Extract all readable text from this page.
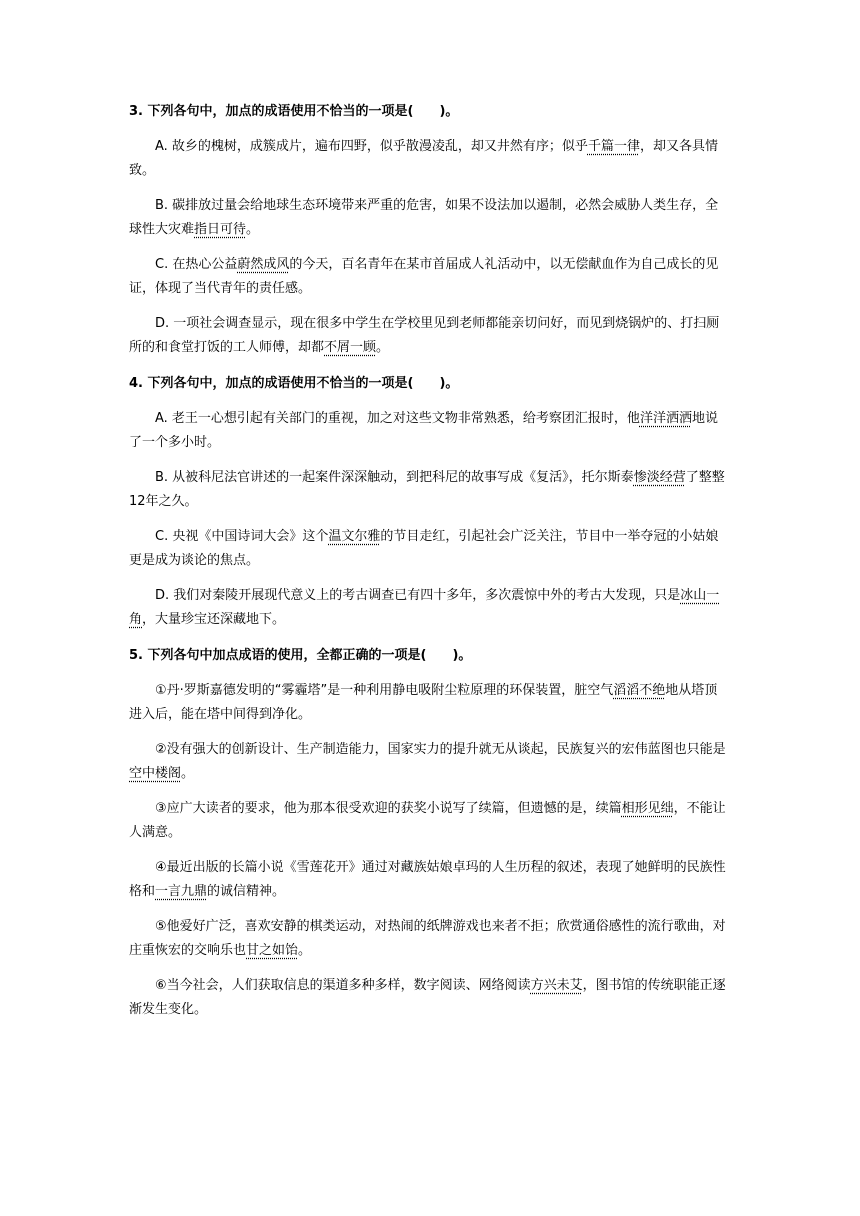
3. 下列各句中，加点的成语使用不恰当的一项是(　　)。

A. 故乡的槐树，成簇成片，遍布四野，似乎散漫凌乱，却又井然有序；似乎千篇一律，却又各具情致。

B. 碳排放过量会给地球生态环境带来严重的危害，如果不设法加以遏制，必然会威胁人类生存，全球性大灾难指日可待。

C. 在热心公益蔚然成风的今天，百名青年在某市首届成人礼活动中，以无偿献血作为自己成长的见证，体现了当代青年的责任感。

D. 一项社会调查显示，现在很多中学生在学校里见到老师都能亲切问好，而见到烧锅炉的、打扫厕所的和食堂打饭的工人师傅，却都不屑一顾。

4. 下列各句中，加点的成语使用不恰当的一项是(　　)。

A. 老王一心想引起有关部门的重视，加之对这些文物非常熟悉，给考察团汇报时，他洋洋洒洒地说了一个多小时。

B. 从被科尼法官讲述的一起案件深深触动，到把科尼的故事写成《复活》，托尔斯泰惨淡经营了整整12年之久。

C. 央视《中国诗词大会》这个温文尔雅的节目走红，引起社会广泛关注，节目中一举夺冠的小姑娘更是成为谈论的焦点。

D. 我们对秦陵开展现代意义上的考古调查已有四十多年，多次震惊中外的考古大发现，只是冰山一角，大量珍宝还深藏地下。

5. 下列各句中加点成语的使用，全都正确的一项是(　　)。

①丹·罗斯嘉德发明的“雾霾塔”是一种利用静电吸附尘粒原理的环保装置，脏空气滔滔不绝地从塔顶进入后，能在塔中间得到净化。

②没有强大的创新设计、生产制造能力，国家实力的提升就无从谈起，民族复兴的宏伟蓝图也只能是空中楼阁。

③应广大读者的要求，他为那本很受欢迎的获奖小说写了续篇，但遗憾的是，续篇相形见绌，不能让人满意。

④最近出版的长篇小说《雪莲花开》通过对藏族姑娘卓玛的人生历程的叙述，表现了她鲜明的民族性格和一言九鼎的诚信精神。

⑤他爱好广泛，喜欢安静的棋类运动，对热闹的纸牌游戏也来者不拒；欣赏通俗感性的流行歌曲，对庄重恢宏的交响乐也甘之如饴。

⑥当今社会，人们获取信息的渠道多种多样，数字阅读、网络阅读方兴未艾，图书馆的传统职能正逐渐发生变化。
